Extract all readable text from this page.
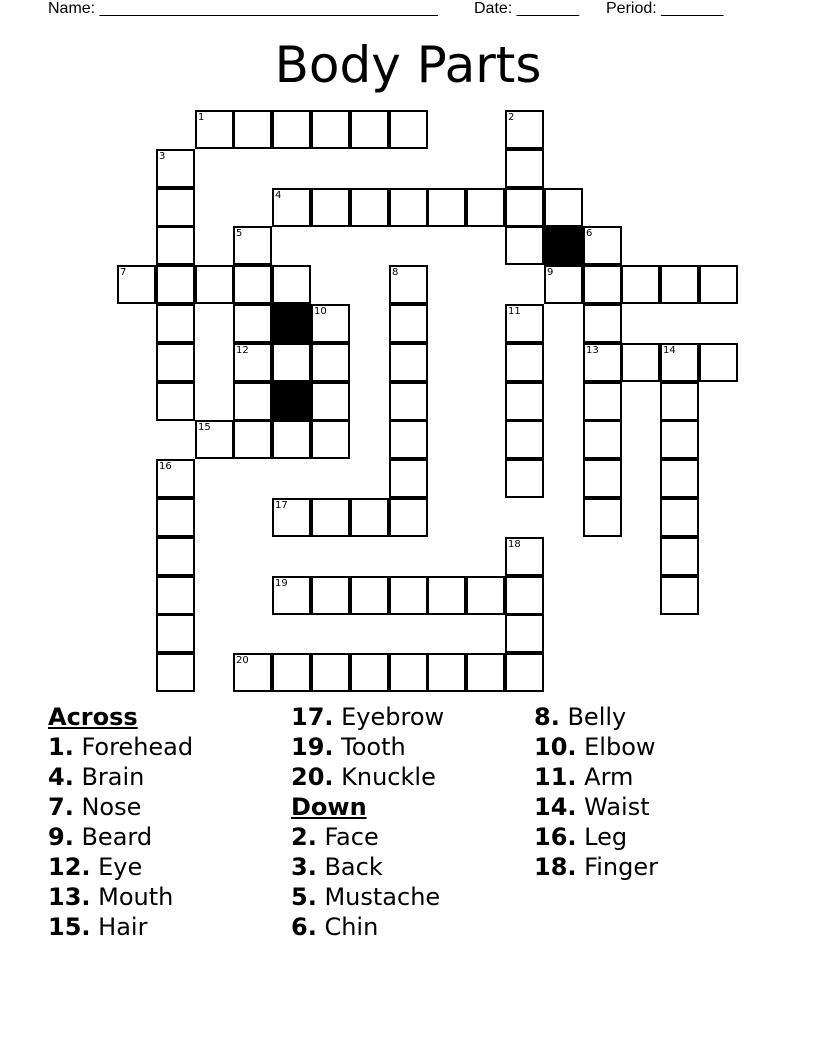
Name: ______________________________________ Date: _______ Period: _______
Body Parts
1	2
3
4
5	6
7	8	9
10	11
12	13	14
15
16
17
18
19
20
Across
1. Forehead
4. Brain
7. Nose
9. Beard
12. Eye
13. Mouth
15. Hair
17. Eyebrow
19. Tooth
20. Knuckle
Down
2. Face
3. Back
5. Mustache
6. Chin
8. Belly
10. Elbow
11. Arm
14. Waist
16. Leg
18. Finger
